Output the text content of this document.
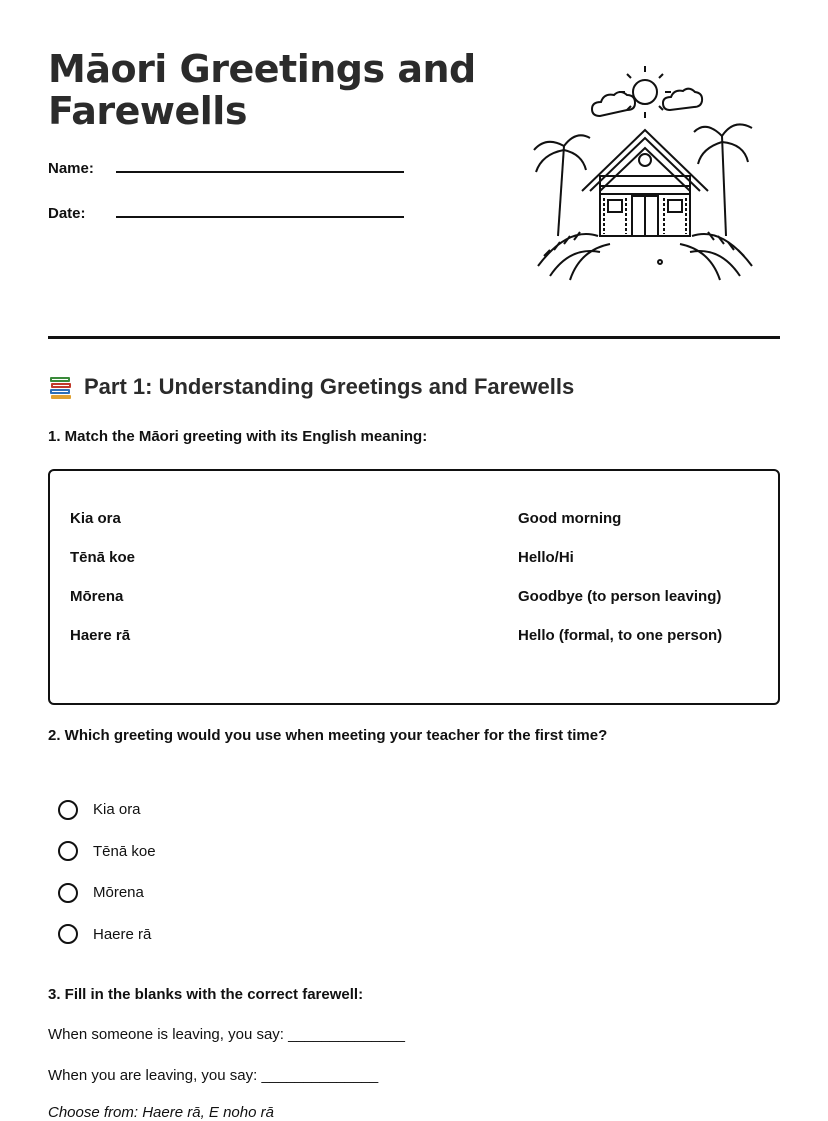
Māori Greetings and
Farewells
Name:
Date:
Part 1: Understanding Greetings and Farewells
1. Match the Māori greeting with its English meaning:
Kia ora
Tēnā koe
Mōrena
Haere rā
Good morning
Hello/Hi
Goodbye (to person leaving)
Hello (formal, to one person)
2. Which greeting would you use when meeting your teacher for the first time?
Kia ora
Tēnā koe
Mōrena
Haere rā
3. Fill in the blanks with the correct farewell:
When someone is leaving, you say: ______________
When you are leaving, you say: ______________
Choose from: Haere rā, E noho rā
